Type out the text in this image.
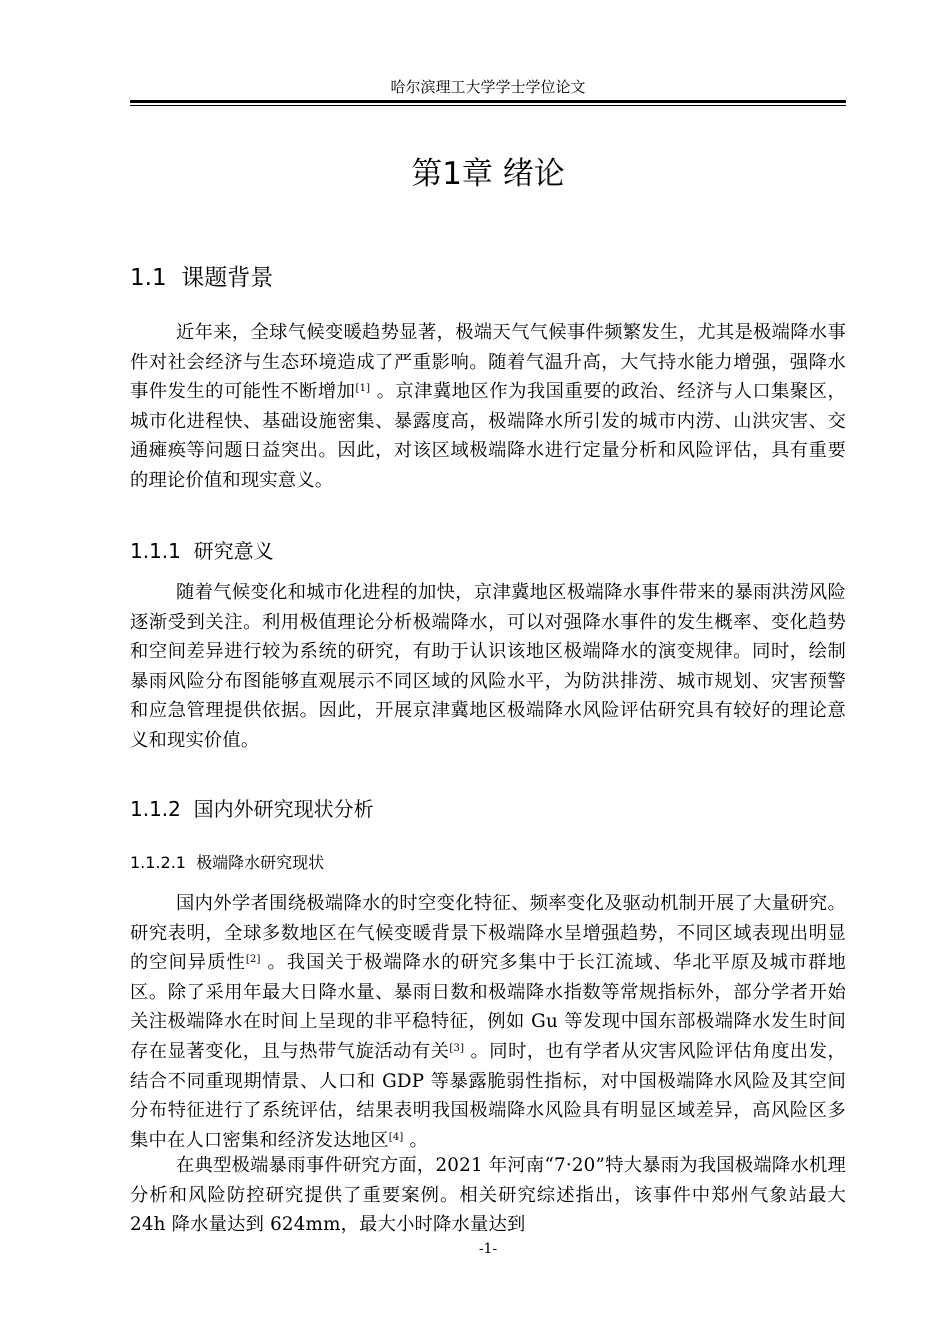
哈尔滨理工大学学士学位论文
第1章 绪论
1.1  课题背景

近年来，全球气候变暖趋势显著，极端天气气候事件频繁发生，尤其是极端降水事件对社会经济与生态环境造成了严重影响。随着气温升高，大气持水能力增强，强降水事件发生的可能性不断增加[1] 。京津冀地区作为我国重要的政治、经济与人口集聚区，城市化进程快、基础设施密集、暴露度高，极端降水所引发的城市内涝、山洪灾害、交通瘫痪等问题日益突出。因此，对该区域极端降水进行定量分析和风险评估，具有重要的理论价值和现实意义。

1.1.1  研究意义

随着气候变化和城市化进程的加快，京津冀地区极端降水事件带来的暴雨洪涝风险逐渐受到关注。利用极值理论分析极端降水，可以对强降水事件的发生概率、变化趋势和空间差异进行较为系统的研究，有助于认识该地区极端降水的演变规律。同时，绘制暴雨风险分布图能够直观展示不同区域的风险水平，为防洪排涝、城市规划、灾害预警和应急管理提供依据。因此，开展京津冀地区极端降水风险评估研究具有较好的理论意义和现实价值。

1.1.2  国内外研究现状分析
1.1.2.1  极端降水研究现状

国内外学者围绕极端降水的时空变化特征、频率变化及驱动机制开展了大量研究。研究表明，全球多数地区在气候变暖背景下极端降水呈增强趋势，不同区域表现出明显的空间异质性[2] 。我国关于极端降水的研究多集中于长江流域、华北平原及城市群地区。除了采用年最大日降水量、暴雨日数和极端降水指数等常规指标外，部分学者开始关注极端降水在时间上呈现的非平稳特征，例如 Gu 等发现中国东部极端降水发生时间存在显著变化，且与热带气旋活动有关[3] 。同时，也有学者从灾害风险评估角度出发，结合不同重现期情景、人口和 GDP 等暴露脆弱性指标，对中国极端降水风险及其空间分布特征进行了系统评估，结果表明我国极端降水风险具有明显区域差异，高风险区多集中在人口密集和经济发达地区[4] 。

在典型极端暴雨事件研究方面，2021 年河南“7·20”特大暴雨为我国极端降水机理分析和风险防控研究提供了重要案例。相关研究综述指出，该事件中郑州气象站最大 24h 降水量达到 624mm，最大小时降水量达到

-1-
